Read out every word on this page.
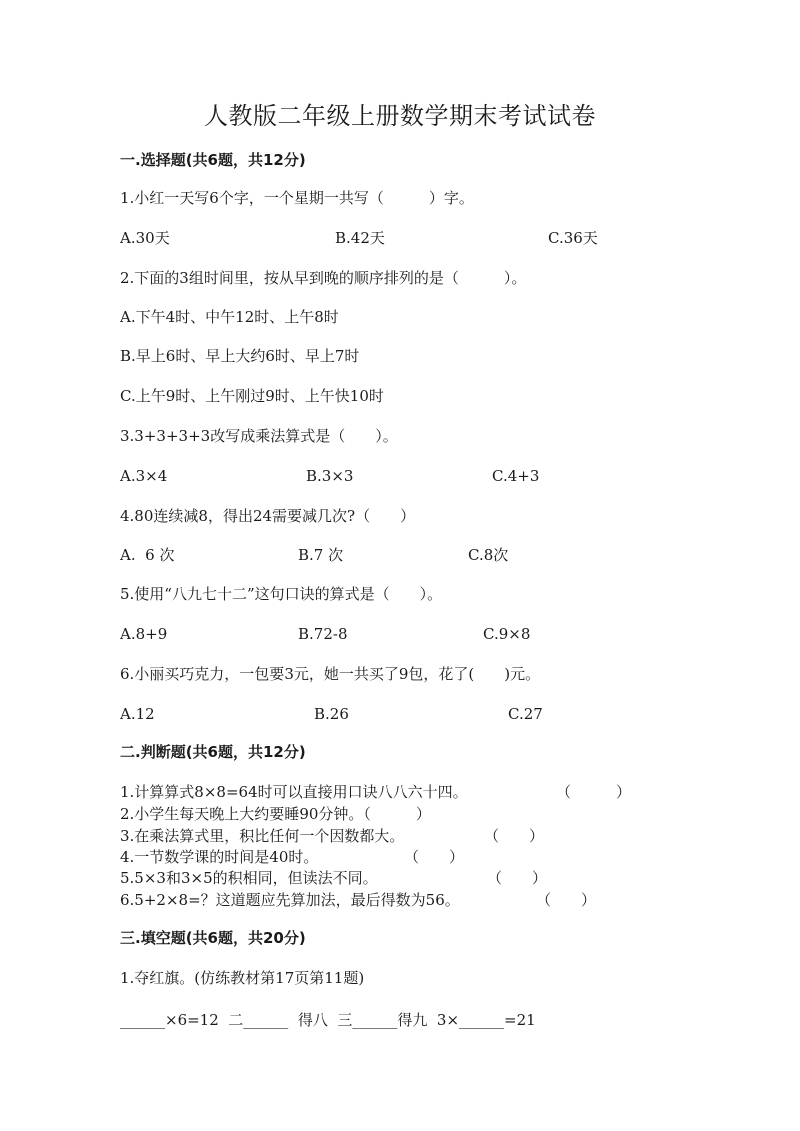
人教版二年级上册数学期末考试试卷
一.选择题(共6题，共12分)
1.小红一天写6个字，一个星期一共写（　　　）字。
A.30天	B.42天	C.36天
2.下面的3组时间里，按从早到晚的顺序排列的是（　　　）。
A.下午4时、中午12时、上午8时
B.早上6时、早上大约6时、早上7时
C.上午9时、上午刚过9时、上午快10时
3.3+3+3+3改写成乘法算式是（　　）。
A.3×4	B.3×3	C.4+3
4.80连续减8，得出24需要减几次?（　　）
A.  6 次	B.7 次	C.8次
5.使用“八九七十二”这句口诀的算式是（　　）。
A.8+9	B.72-8	C.9×8
6.小丽买巧克力，一包要3元，她一共买了9包，花了(　　)元。
A.12	B.26	C.27
二.判断题(共6题，共12分)
1.计算算式8×8=64时可以直接用口诀八八六十四。	（　　　）
2.小学生每天晚上大约要睡90分钟。（　　　）
3.在乘法算式里，积比任何一个因数都大。	（　　）
4.一节数学课的时间是40时。	（　　）
5.5×3和3×5的积相同，但读法不同。	（　　）
6.5+2×8=？这道题应先算加法，最后得数为56。	（　　）
三.填空题(共6题，共20分)
1.夺红旗。(仿练教材第17页第11题)
______×6=12  二______  得八  三______得九  3×______=21
